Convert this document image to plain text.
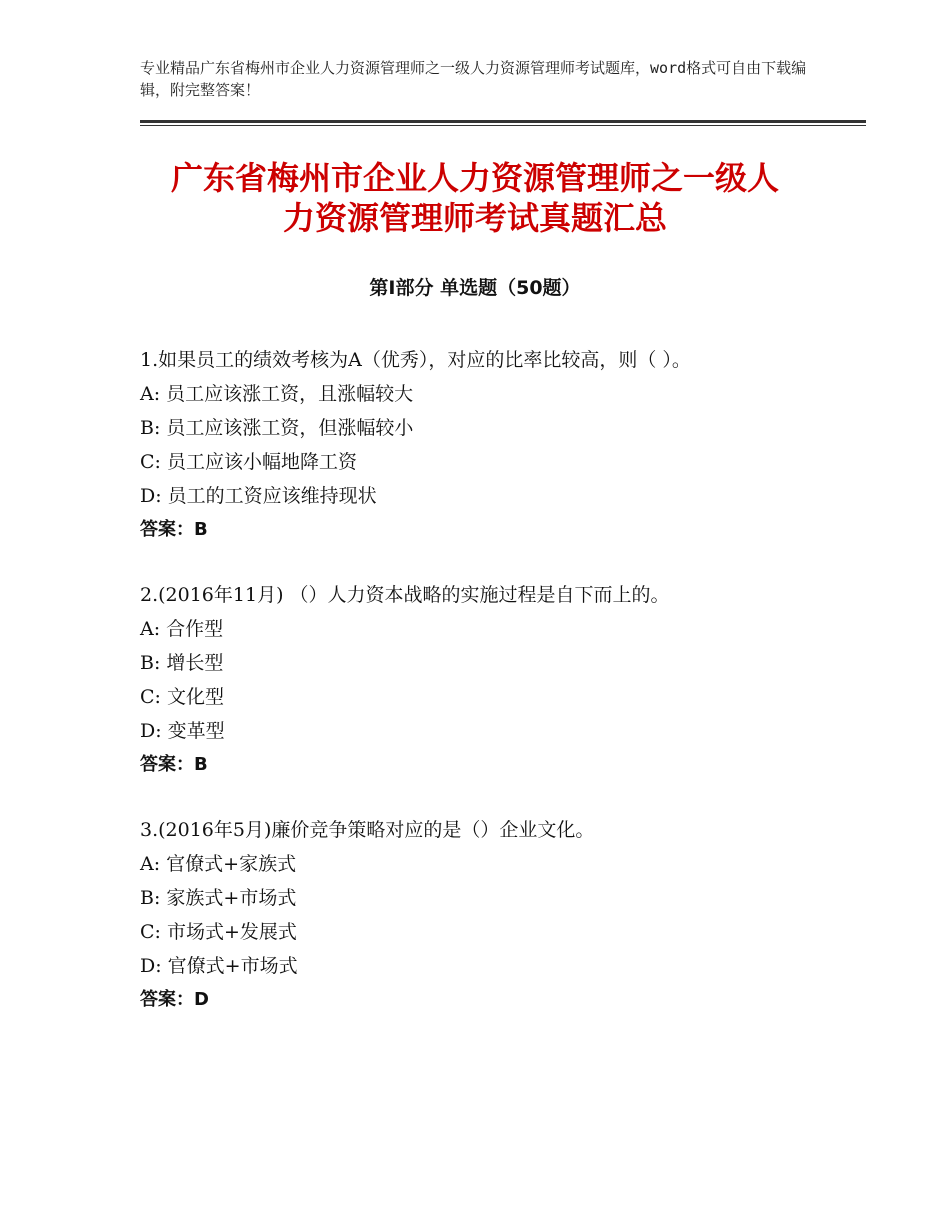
专业精品广东省梅州市企业人力资源管理师之一级人力资源管理师考试题库，word格式可自由下载编辑，附完整答案！
广东省梅州市企业人力资源管理师之一级人
力资源管理师考试真题汇总
第Ⅰ部分 单选题（50题）
1.如果员工的绩效考核为A（优秀），对应的比率比较高，则（ ）。
A: 员工应该涨工资，且涨幅较大
B: 员工应该涨工资，但涨幅较小
C: 员工应该小幅地降工资
D: 员工的工资应该维持现状
答案：B
2.(2016年11月) （）人力资本战略的实施过程是自下而上的。
A: 合作型
B: 增长型
C: 文化型
D: 变革型
答案：B
3.(2016年5月)廉价竞争策略对应的是（）企业文化。
A: 官僚式+家族式
B: 家族式+市场式
C: 市场式+发展式
D: 官僚式+市场式
答案：D
